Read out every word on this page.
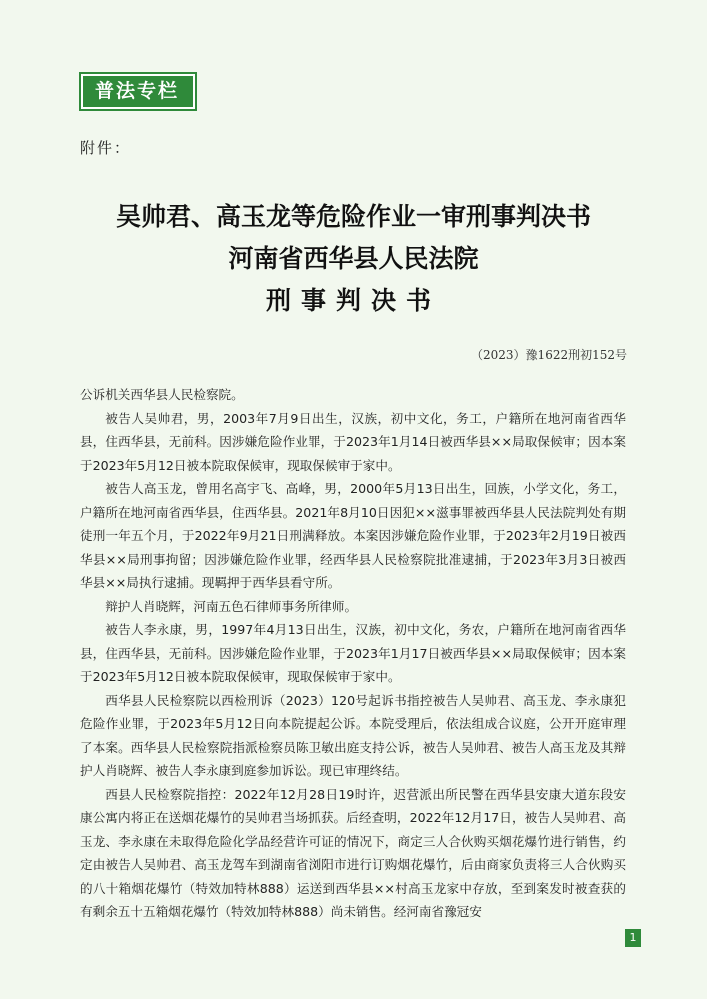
普法专栏
附件：
吴帅君、高玉龙等危险作业一审刑事判决书
河南省西华县人民法院
刑事判决书
（2023）豫1622刑初152号

公诉机关西华县人民检察院。

被告人吴帅君，男，2003年7月9日出生，汉族，初中文化，务工，户籍所在地河南省西华县，住西华县，无前科。因涉嫌危险作业罪，于2023年1月14日被西华县××局取保候审；因本案于2023年5月12日被本院取保候审，现取保候审于家中。

被告人高玉龙，曾用名高宇飞、高峰，男，2000年5月13日出生，回族，小学文化，务工，户籍所在地河南省西华县，住西华县。2021年8月10日因犯××滋事罪被西华县人民法院判处有期徒刑一年五个月，于2022年9月21日刑满释放。本案因涉嫌危险作业罪，于2023年2月19日被西华县××局刑事拘留；因涉嫌危险作业罪，经西华县人民检察院批准逮捕，于2023年3月3日被西华县××局执行逮捕。现羁押于西华县看守所。

辩护人肖晓辉，河南五色石律师事务所律师。

被告人李永康，男，1997年4月13日出生，汉族，初中文化，务农，户籍所在地河南省西华县，住西华县，无前科。因涉嫌危险作业罪，于2023年1月17日被西华县××局取保候审；因本案于2023年5月12日被本院取保候审，现取保候审于家中。

西华县人民检察院以西检刑诉（2023）120号起诉书指控被告人吴帅君、高玉龙、李永康犯危险作业罪，于2023年5月12日向本院提起公诉。本院受理后，依法组成合议庭，公开开庭审理了本案。西华县人民检察院指派检察员陈卫敏出庭支持公诉，被告人吴帅君、被告人高玉龙及其辩护人肖晓辉、被告人李永康到庭参加诉讼。现已审理终结。

西县人民检察院指控：2022年12月28日19时许，迟营派出所民警在西华县安康大道东段安康公寓内将正在送烟花爆竹的吴帅君当场抓获。后经查明，2022年12月17日，被告人吴帅君、高玉龙、李永康在未取得危险化学品经营许可证的情况下，商定三人合伙购买烟花爆竹进行销售，约定由被告人吴帅君、高玉龙驾车到湖南省浏阳市进行订购烟花爆竹，后由商家负责将三人合伙购买的八十箱烟花爆竹（特效加特林888）运送到西华县××村高玉龙家中存放，至到案发时被查获的有剩余五十五箱烟花爆竹（特效加特林888）尚未销售。经河南省豫冠安

1
